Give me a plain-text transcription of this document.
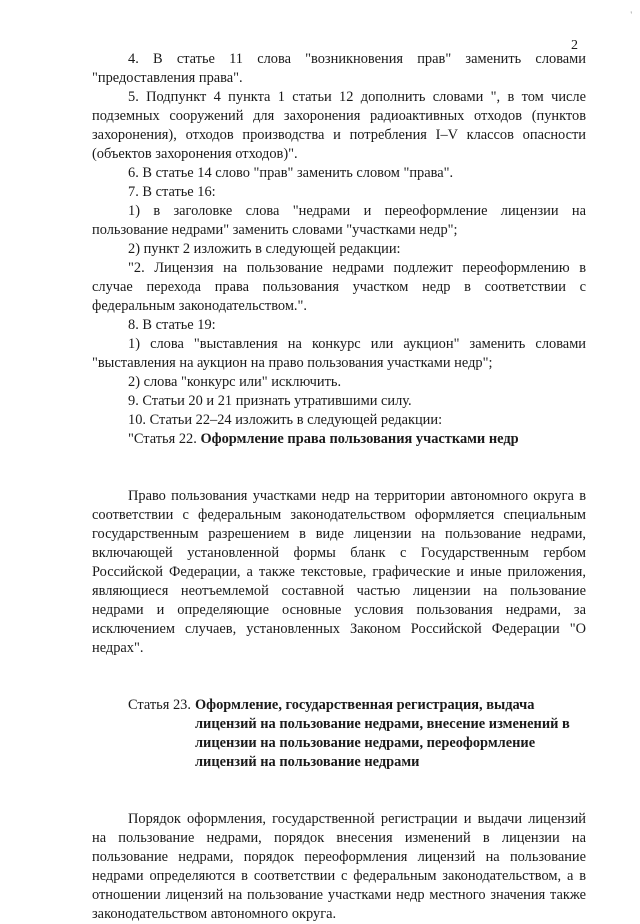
'
2

4. В статье 11 слова "возникновения прав" заменить словами "предоставления права".

5. Подпункт 4 пункта 1 статьи 12 дополнить словами ", в том числе подземных сооружений для захоронения радиоактивных отходов (пунктов захоронения), отходов производства и потребления I–V классов опасности (объектов захоронения отходов)".

6. В статье 14 слово "прав" заменить словом "права".

7. В статье 16:

1) в заголовке слова "недрами и переоформление лицензии на пользование недрами" заменить словами "участками недр";

2) пункт 2 изложить в следующей редакции:

"2. Лицензия на пользование недрами подлежит переоформлению в случае перехода права пользования участком недр в соответствии с федеральным законодательством.".

8. В статье 19:

1) слова "выставления на конкурс или аукцион" заменить словами "выставления на аукцион на право пользования участками недр";

2) слова "конкурс или" исключить.

9. Статьи 20 и 21 признать утратившими силу.

10. Статьи 22–24 изложить в следующей редакции:

"Статья 22. Оформление права пользования участками недр

Право пользования участками недр на территории автономного округа в соответствии с федеральным законодательством оформляется специальным государственным разрешением в виде лицензии на пользование недрами, включающей установленной формы бланк с Государственным гербом Российской Федерации, а также текстовые, графические и иные приложения, являющиеся неотъемлемой составной частью лицензии на пользование недрами и определяющие основные условия пользования недрами, за исключением случаев, установленных Законом Российской Федерации "О недрах".

Статья 23. Оформление, государственная регистрация, выдача лицензий на пользование недрами, внесение изменений в лицензии на пользование недрами, переоформление лицензий на пользование недрами

Порядок оформления, государственной регистрации и выдачи лицензий на пользование недрами, порядок внесения изменений в лицензии на пользование недрами, порядок переоформления лицензий на пользование недрами определяются в соответствии с федеральным законодательством, а в отношении лицензий на пользование участками недр местного значения также законодательством автономного округа.
